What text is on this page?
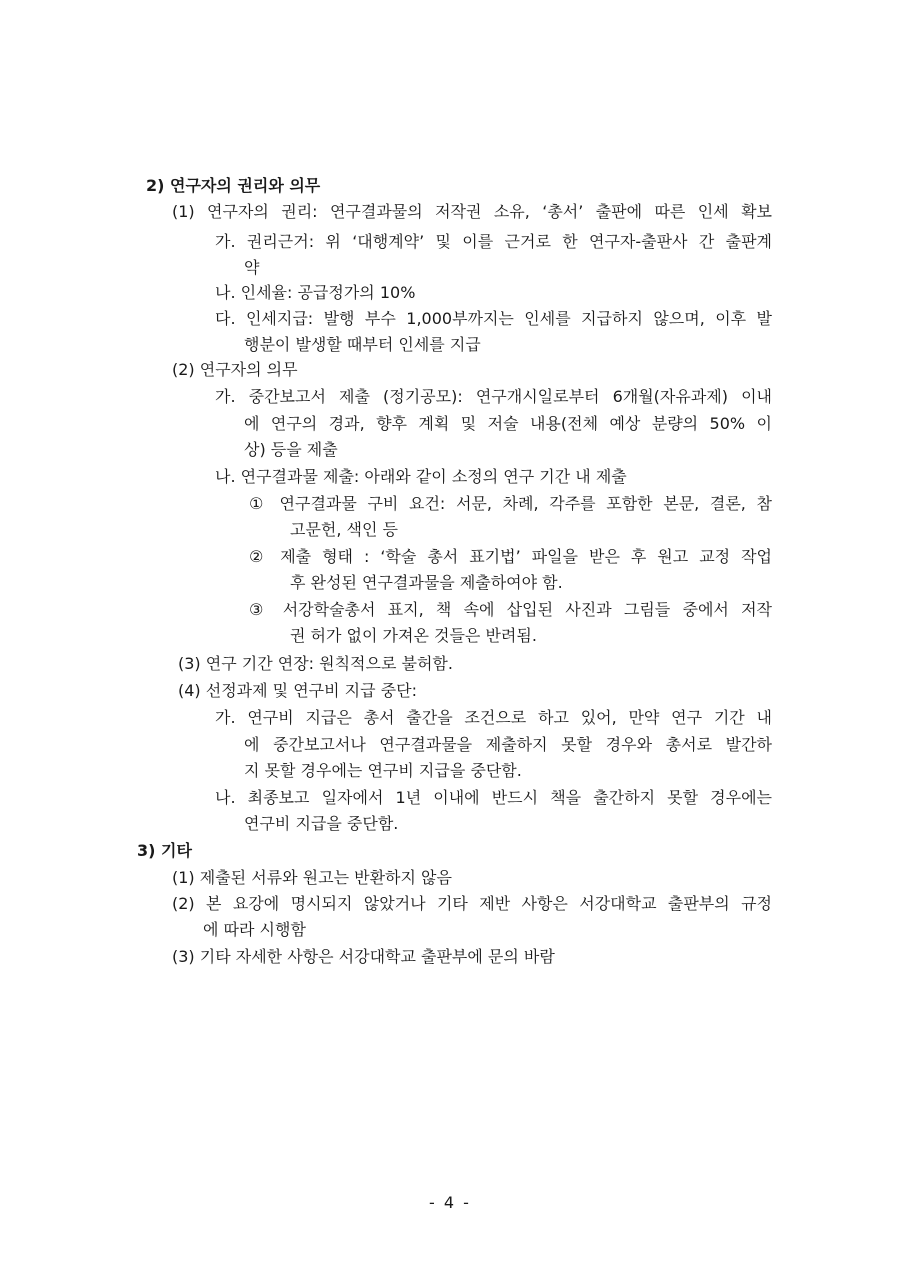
2) 연구자의 권리와 의무
(1) 연구자의 권리: 연구결과물의 저작권 소유, ‘총서’ 출판에 따른 인세 확보
가. 권리근거: 위 ‘대행계약’ 및 이를 근거로 한 연구자-출판사 간 출판계
약
나. 인세율: 공급정가의 10%
다. 인세지급: 발행 부수 1,000부까지는 인세를 지급하지 않으며, 이후 발
행분이 발생할 때부터 인세를 지급
(2) 연구자의 의무
가. 중간보고서 제출 (정기공모): 연구개시일로부터 6개월(자유과제) 이내
에 연구의 경과, 향후 계획 및 저술 내용(전체 예상 분량의 50% 이
상) 등을 제출
나. 연구결과물 제출: 아래와 같이 소정의 연구 기간 내 제출
① 연구결과물 구비 요건: 서문, 차례, 각주를 포함한 본문, 결론, 참
고문헌, 색인 등
② 제출 형태 : ‘학술 총서 표기법’ 파일을 받은 후 원고 교정 작업
후 완성된 연구결과물을 제출하여야 함.
③ 서강학술총서 표지, 책 속에 삽입된 사진과 그림들 중에서 저작
권 허가 없이 가져온 것들은 반려됨.
(3) 연구 기간 연장: 원칙적으로 불허함.
(4) 선정과제 및 연구비 지급 중단:
가. 연구비 지급은 총서 출간을 조건으로 하고 있어, 만약 연구 기간 내
에 중간보고서나 연구결과물을 제출하지 못할 경우와 총서로 발간하
지 못할 경우에는 연구비 지급을 중단함.
나. 최종보고 일자에서 1년 이내에 반드시 책을 출간하지 못할 경우에는
연구비 지급을 중단함.
3) 기타
(1) 제출된 서류와 원고는 반환하지 않음
(2) 본 요강에 명시되지 않았거나 기타 제반 사항은 서강대학교 출판부의 규정
에 따라 시행함
(3) 기타 자세한 사항은 서강대학교 출판부에 문의 바람
- 4 -
